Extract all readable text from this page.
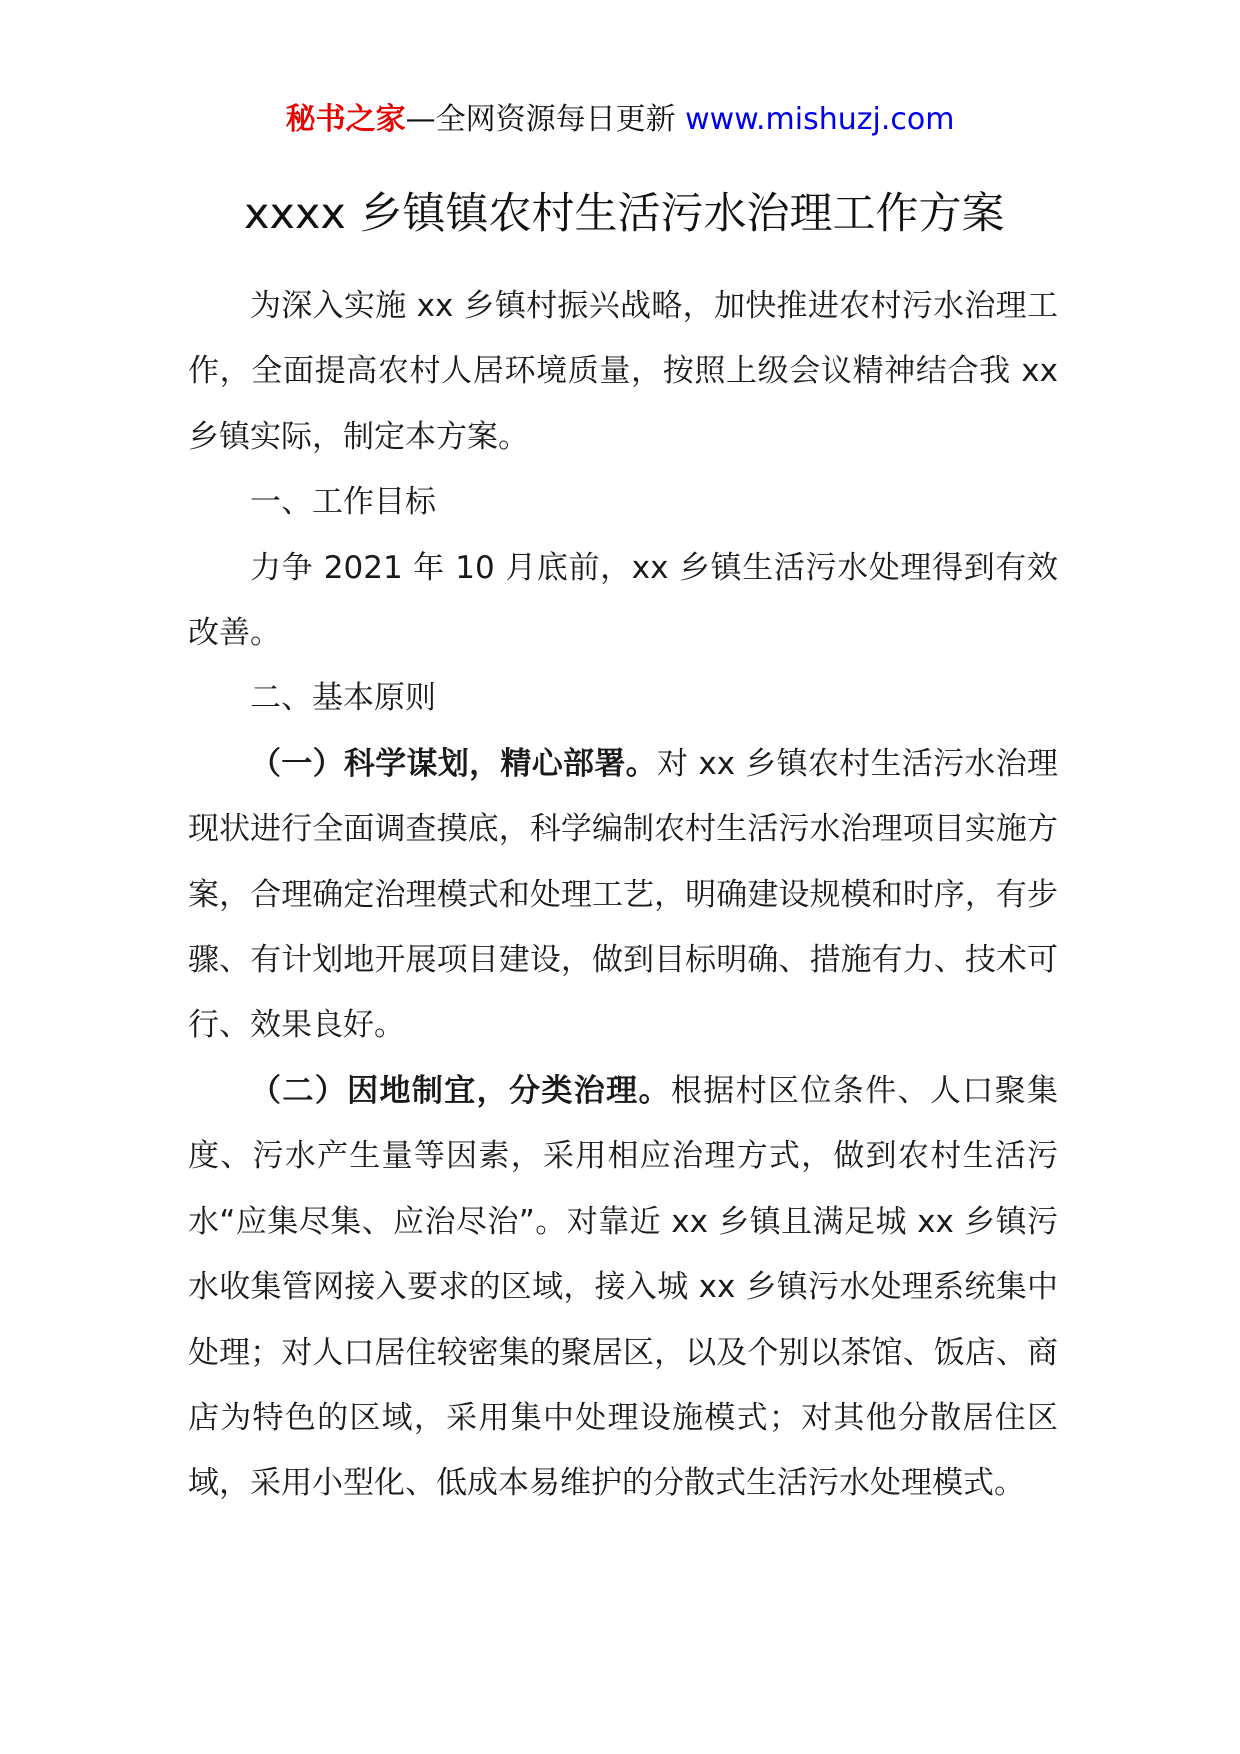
秘书之家—全网资源每日更新 www.mishuzj.com
xxxx 乡镇镇农村生活污水治理工作方案

为深入实施 xx 乡镇村振兴战略，加快推进农村污水治理工作，全面提高农村人居环境质量，按照上级会议精神结合我 xx 乡镇实际，制定本方案。

一、工作目标

力争 2021 年 10 月底前，xx 乡镇生活污水处理得到有效改善。

二、基本原则

（一）科学谋划，精心部署。对 xx 乡镇农村生活污水治理现状进行全面调查摸底，科学编制农村生活污水治理项目实施方案，合理确定治理模式和处理工艺，明确建设规模和时序，有步骤、有计划地开展项目建设，做到目标明确、措施有力、技术可行、效果良好。

（二）因地制宜，分类治理。根据村区位条件、人口聚集度、污水产生量等因素，采用相应治理方式，做到农村生活污水“应集尽集、应治尽治”。对靠近 xx 乡镇且满足城 xx 乡镇污水收集管网接入要求的区域，接入城 xx 乡镇污水处理系统集中处理；对人口居住较密集的聚居区，以及个别以茶馆、饭店、商店为特色的区域，采用集中处理设施模式；对其他分散居住区域，采用小型化、低成本易维护的分散式生活污水处理模式。
